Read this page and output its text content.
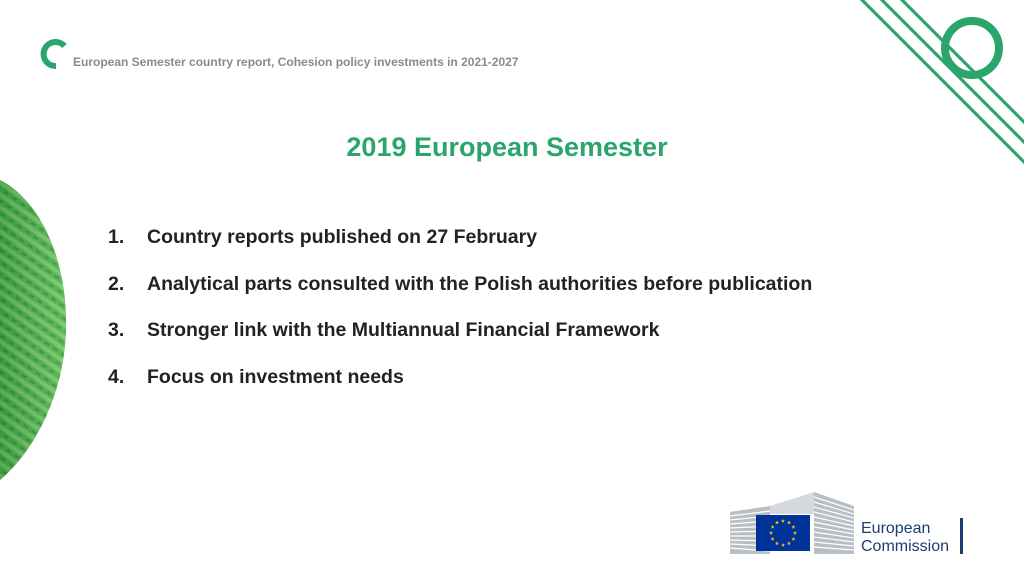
European Semester country report, Cohesion policy investments in 2021-2027
2019 European Semester
1. Country reports published on 27 February
2. Analytical parts consulted with the Polish authorities before publication
3. Stronger link with the Multiannual Financial Framework
4. Focus on investment needs
European
Commission
